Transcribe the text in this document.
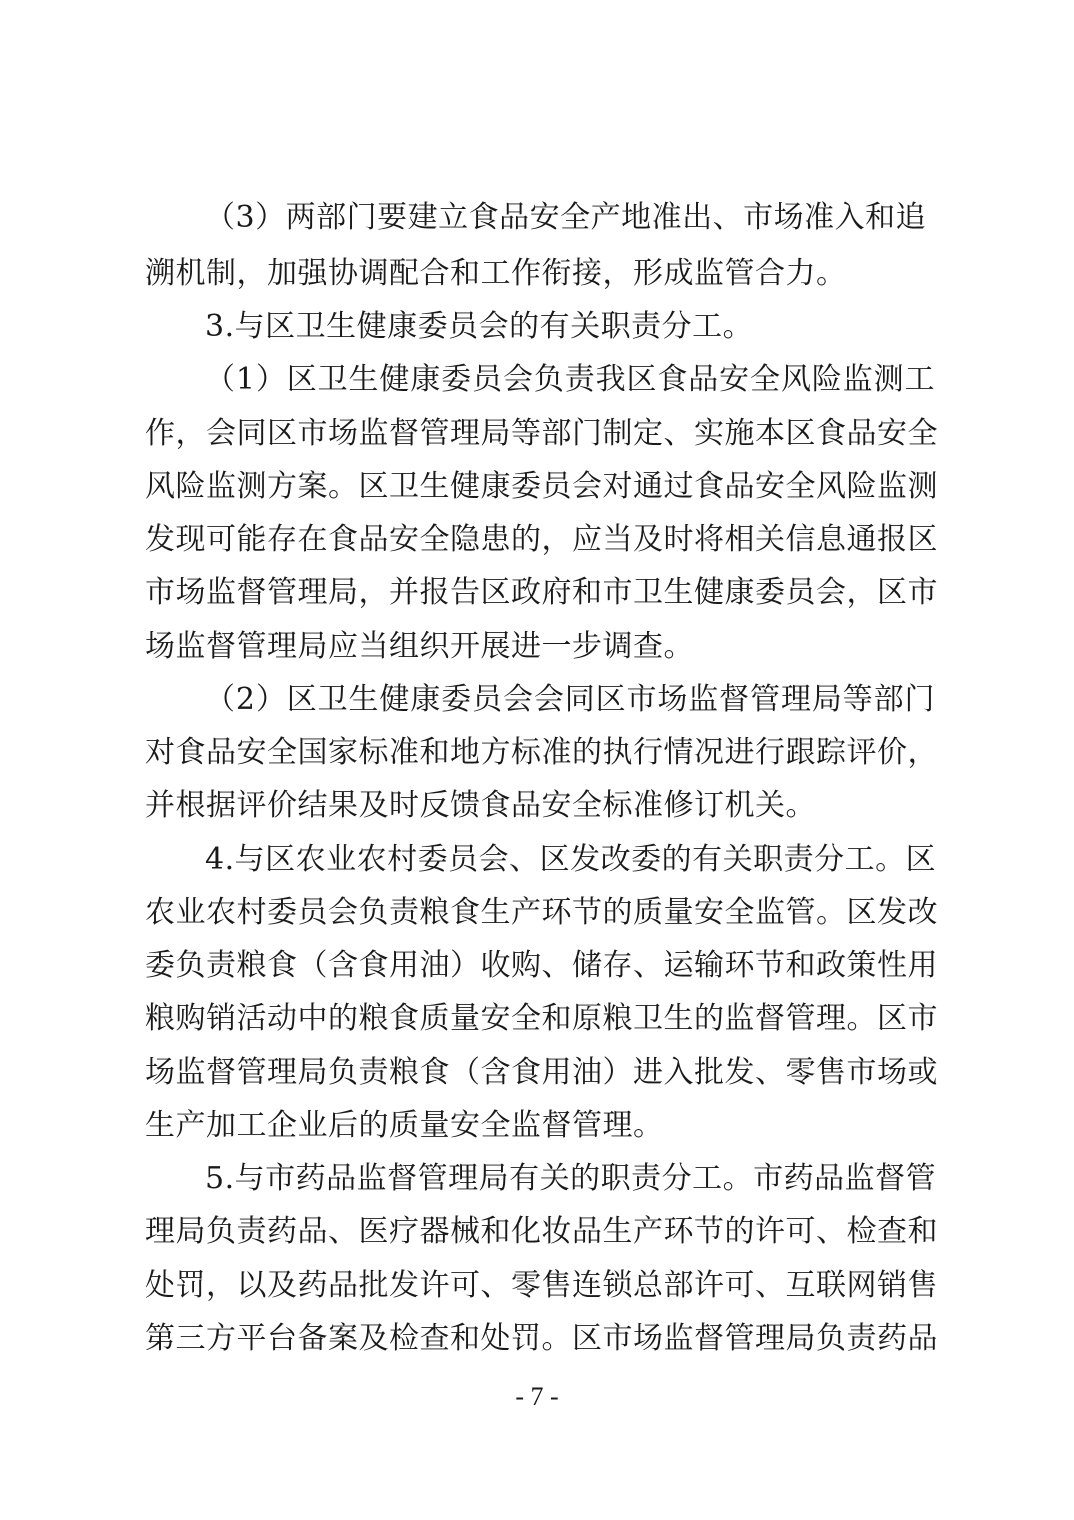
（3）两部门要建立食品安全产地准出、市场准入和追
溯机制，加强协调配合和工作衔接，形成监管合力。
3.与区卫生健康委员会的有关职责分工。
（1）区卫生健康委员会负责我区食品安全风险监测工
作，会同区市场监督管理局等部门制定、实施本区食品安全
风险监测方案。区卫生健康委员会对通过食品安全风险监测
发现可能存在食品安全隐患的，应当及时将相关信息通报区
市场监督管理局，并报告区政府和市卫生健康委员会，区市
场监督管理局应当组织开展进一步调查。
（2）区卫生健康委员会会同区市场监督管理局等部门
对食品安全国家标准和地方标准的执行情况进行跟踪评价，
并根据评价结果及时反馈食品安全标准修订机关。
4.与区农业农村委员会、区发改委的有关职责分工。区
农业农村委员会负责粮食生产环节的质量安全监管。区发改
委负责粮食（含食用油）收购、储存、运输环节和政策性用
粮购销活动中的粮食质量安全和原粮卫生的监督管理。区市
场监督管理局负责粮食（含食用油）进入批发、零售市场或
生产加工企业后的质量安全监督管理。
5.与市药品监督管理局有关的职责分工。市药品监督管
理局负责药品、医疗器械和化妆品生产环节的许可、检查和
处罚，以及药品批发许可、零售连锁总部许可、互联网销售
第三方平台备案及检查和处罚。区市场监督管理局负责药品
- 7 -
